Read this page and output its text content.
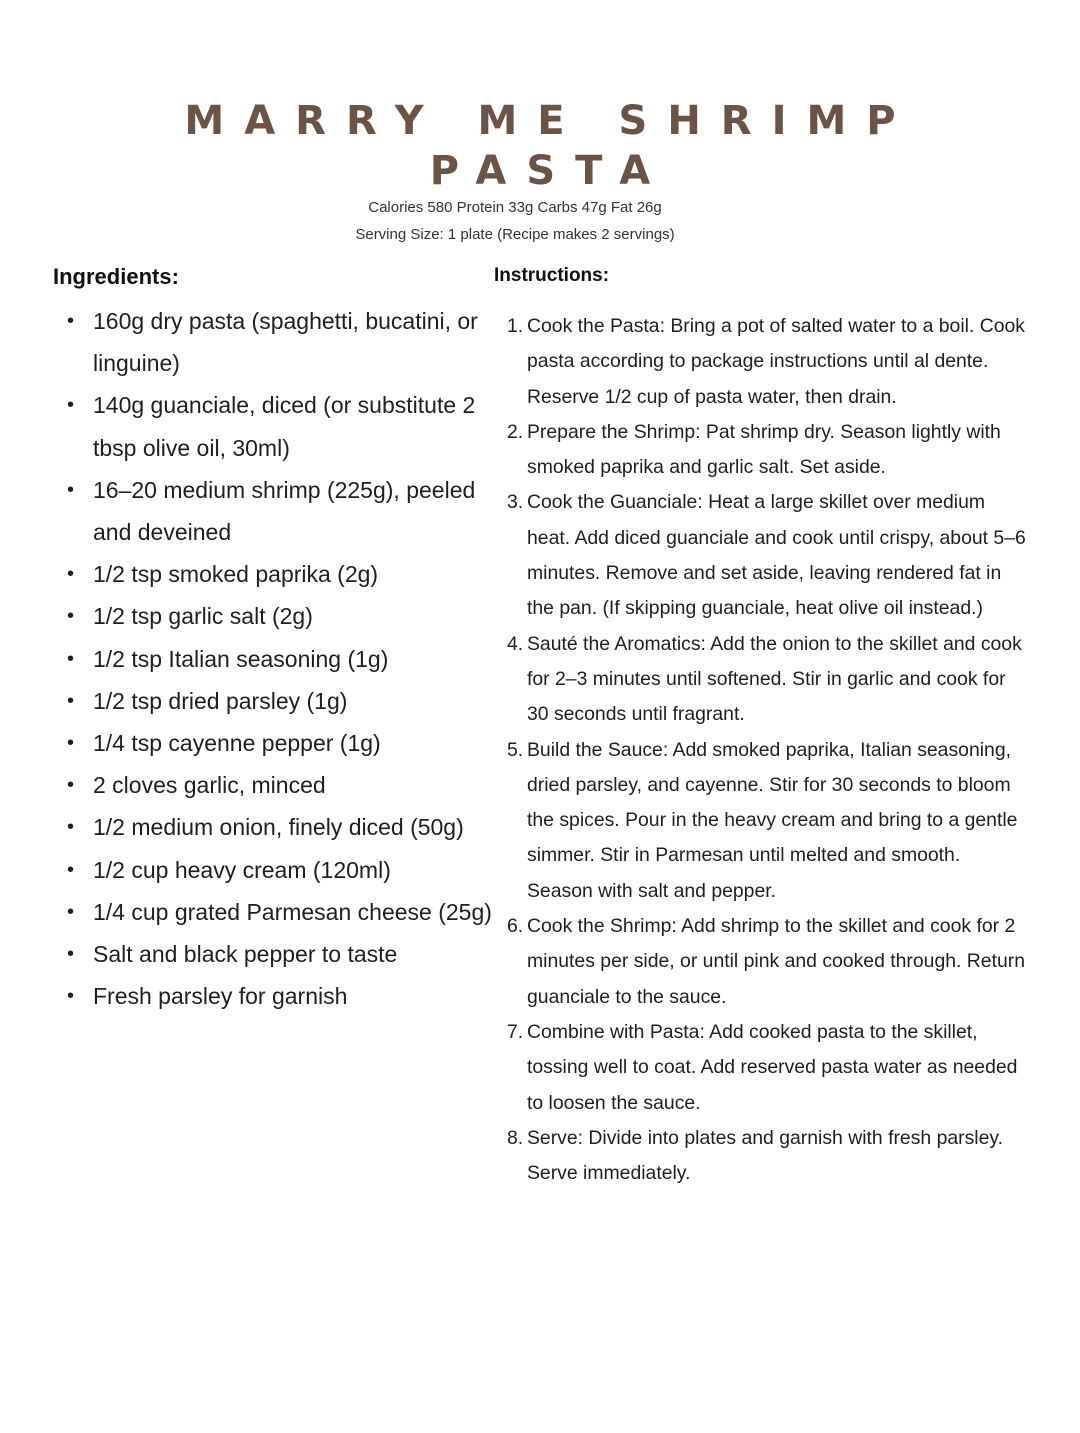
MARRY ME SHRIMP
PASTA
Calories 580 Protein 33g Carbs 47g Fat 26g
Serving Size: 1 plate (Recipe makes 2 servings)
Ingredients:
• 160g dry pasta (spaghetti, bucatini, or linguine)
• 140g guanciale, diced (or substitute 2 tbsp olive oil, 30ml)
• 16–20 medium shrimp (225g), peeled and deveined
• 1/2 tsp smoked paprika (2g)
• 1/2 tsp garlic salt (2g)
• 1/2 tsp Italian seasoning (1g)
• 1/2 tsp dried parsley (1g)
• 1/4 tsp cayenne pepper (1g)
• 2 cloves garlic, minced
• 1/2 medium onion, finely diced (50g)
• 1/2 cup heavy cream (120ml)
• 1/4 cup grated Parmesan cheese (25g)
• Salt and black pepper to taste
• Fresh parsley for garnish
Instructions:
1. Cook the Pasta: Bring a pot of salted water to a boil. Cook pasta according to package instructions until al dente. Reserve 1/2 cup of pasta water, then drain.
2. Prepare the Shrimp: Pat shrimp dry. Season lightly with smoked paprika and garlic salt. Set aside.
3. Cook the Guanciale: Heat a large skillet over medium heat. Add diced guanciale and cook until crispy, about 5–6 minutes. Remove and set aside, leaving rendered fat in the pan. (If skipping guanciale, heat olive oil instead.)
4. Sauté the Aromatics: Add the onion to the skillet and cook for 2–3 minutes until softened. Stir in garlic and cook for 30 seconds until fragrant.
5. Build the Sauce: Add smoked paprika, Italian seasoning, dried parsley, and cayenne. Stir for 30 seconds to bloom the spices. Pour in the heavy cream and bring to a gentle simmer. Stir in Parmesan until melted and smooth. Season with salt and pepper.
6. Cook the Shrimp: Add shrimp to the skillet and cook for 2 minutes per side, or until pink and cooked through. Return guanciale to the sauce.
7. Combine with Pasta: Add cooked pasta to the skillet, tossing well to coat. Add reserved pasta water as needed to loosen the sauce.
8. Serve: Divide into plates and garnish with fresh parsley. Serve immediately.
